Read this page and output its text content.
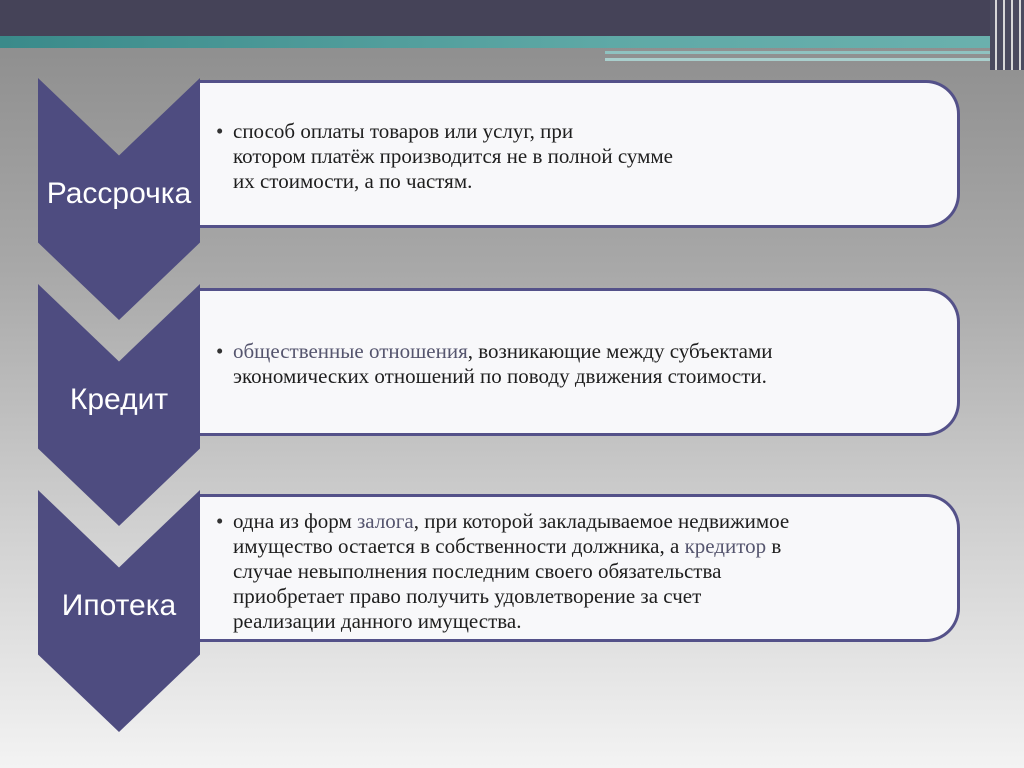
Рассрочка
• способ оплаты товаров или услуг, при
котором платёж производится не в полной сумме
их стоимости, а по частям.
Кредит
• общественные отношения, возникающие между субъектами
экономических отношений по поводу движения стоимости.
Ипотека
• одна из форм залога, при которой закладываемое недвижимое
имущество остается в собственности должника, а кредитор в
случае невыполнения последним своего обязательства
приобретает право получить удовлетворение за счет
реализации данного имущества.
